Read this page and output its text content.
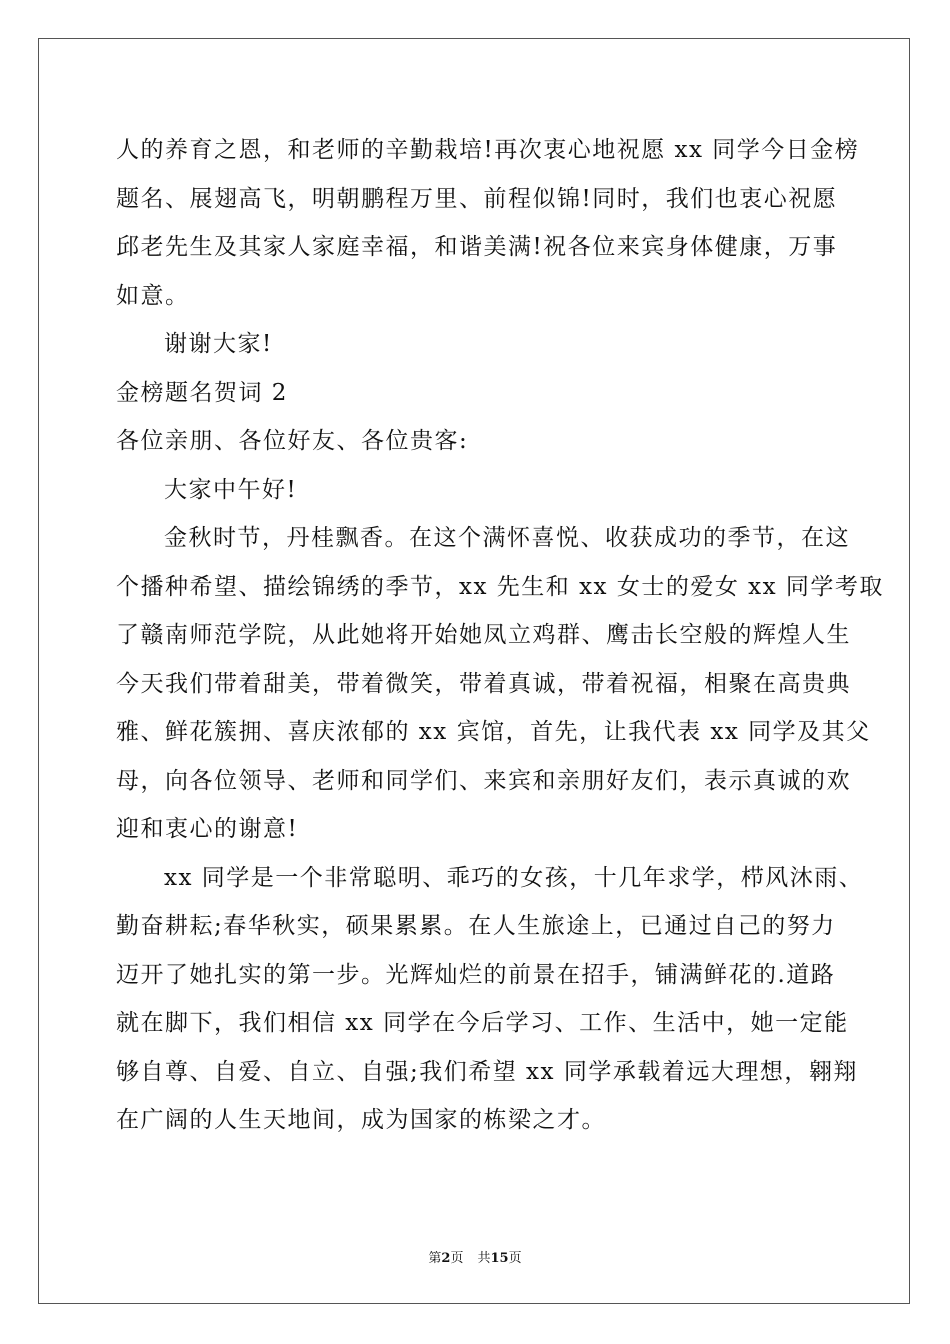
人的养育之恩，和老师的辛勤栽培!再次衷心地祝愿 xx 同学今日金榜
题名、展翅高飞，明朝鹏程万里、前程似锦!同时，我们也衷心祝愿
邱老先生及其家人家庭幸福，和谐美满!祝各位来宾身体健康，万事
如意。
谢谢大家!
金榜题名贺词 2
各位亲朋、各位好友、各位贵客:
大家中午好!
金秋时节，丹桂飘香。在这个满怀喜悦、收获成功的季节，在这
个播种希望、描绘锦绣的季节，xx 先生和 xx 女士的爱女 xx 同学考取
了赣南师范学院，从此她将开始她凤立鸡群、鹰击长空般的辉煌人生
今天我们带着甜美，带着微笑，带着真诚，带着祝福，相聚在高贵典
雅、鲜花簇拥、喜庆浓郁的 xx 宾馆，首先，让我代表 xx 同学及其父
母，向各位领导、老师和同学们、来宾和亲朋好友们，表示真诚的欢
迎和衷心的谢意!
xx 同学是一个非常聪明、乖巧的女孩，十几年求学，栉风沐雨、
勤奋耕耘;春华秋实，硕果累累。在人生旅途上，已通过自己的努力
迈开了她扎实的第一步。光辉灿烂的前景在招手，铺满鲜花的.道路
就在脚下，我们相信 xx 同学在今后学习、工作、生活中，她一定能
够自尊、自爱、自立、自强;我们希望 xx 同学承载着远大理想，翱翔
在广阔的人生天地间，成为国家的栋梁之才。
第2页 共15页
